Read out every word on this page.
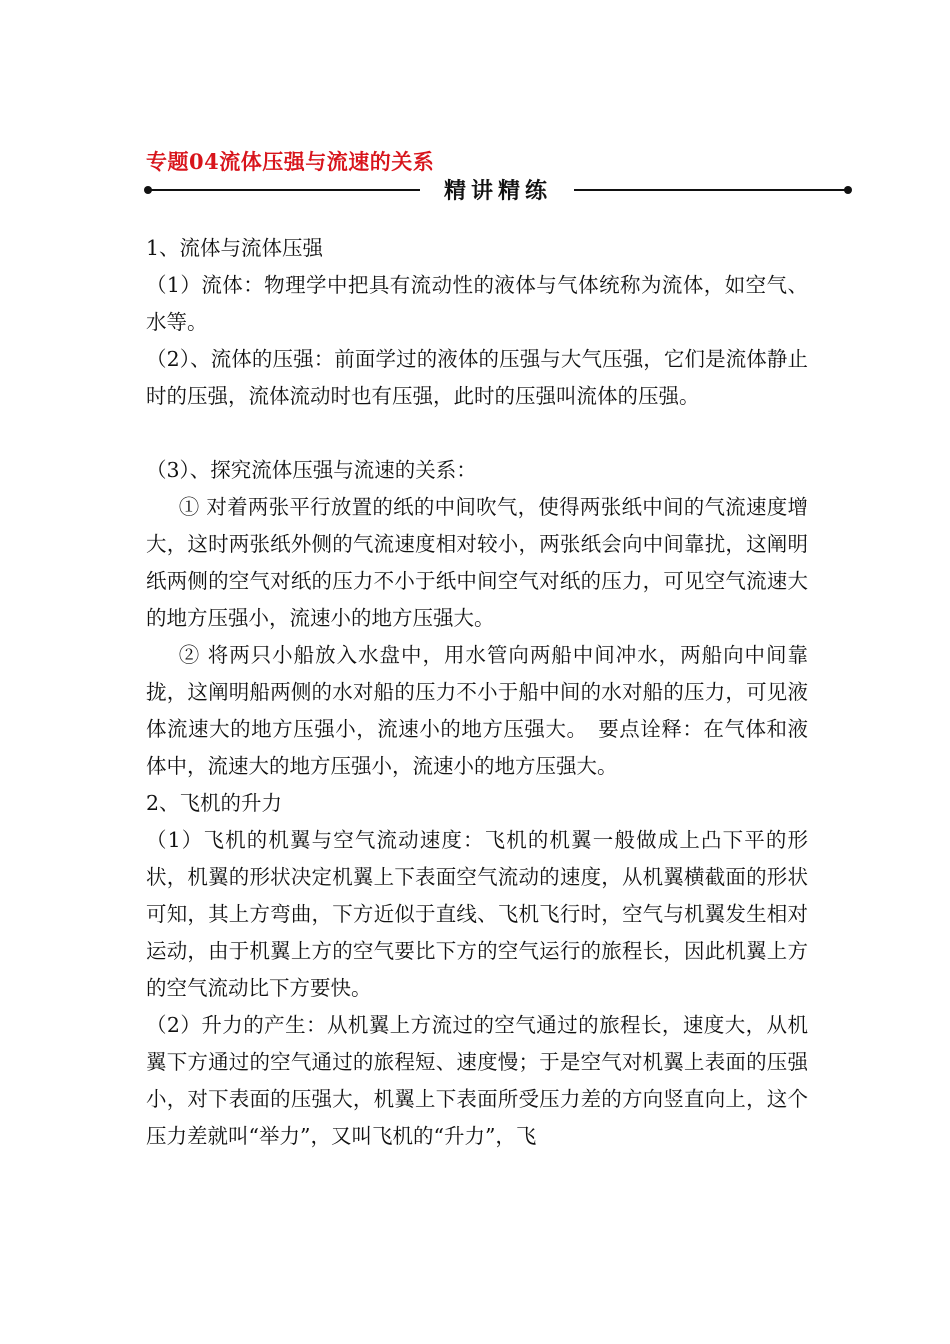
专题04流体压强与流速的关系
精讲精练

1、流体与流体压强

（1）流体：物理学中把具有流动性的液体与气体统称为流体，如空气、水等。

（2）、流体的压强：前面学过的液体的压强与大气压强，它们是流体静止时的压强，流体流动时也有压强，此时的压强叫流体的压强。

（3）、探究流体压强与流速的关系：

① 对着两张平行放置的纸的中间吹气，使得两张纸中间的气流速度增大，这时两张纸外侧的气流速度相对较小，两张纸会向中间靠扰，这阐明纸两侧的空气对纸的压力不小于纸中间空气对纸的压力，可见空气流速大的地方压强小，流速小的地方压强大。

② 将两只小船放入水盘中，用水管向两船中间冲水，两船向中间靠拢，这阐明船两侧的水对船的压力不小于船中间的水对船的压力，可见液体流速大的地方压强小，流速小的地方压强大。　要点诠释：在气体和液体中，流速大的地方压强小，流速小的地方压强大。

2、飞机的升力

（1）飞机的机翼与空气流动速度：飞机的机翼一般做成上凸下平的形状，机翼的形状决定机翼上下表面空气流动的速度，从机翼横截面的形状可知，其上方弯曲，下方近似于直线、飞机飞行时，空气与机翼发生相对运动，由于机翼上方的空气要比下方的空气运行的旅程长，因此机翼上方的空气流动比下方要快。

（2）升力的产生：从机翼上方流过的空气通过的旅程长，速度大，从机翼下方通过的空气通过的旅程短、速度慢；于是空气对机翼上表面的压强小，对下表面的压强大，机翼上下表面所受压力差的方向竖直向上，这个压力差就叫“举力”，又叫飞机的“升力”，飞
